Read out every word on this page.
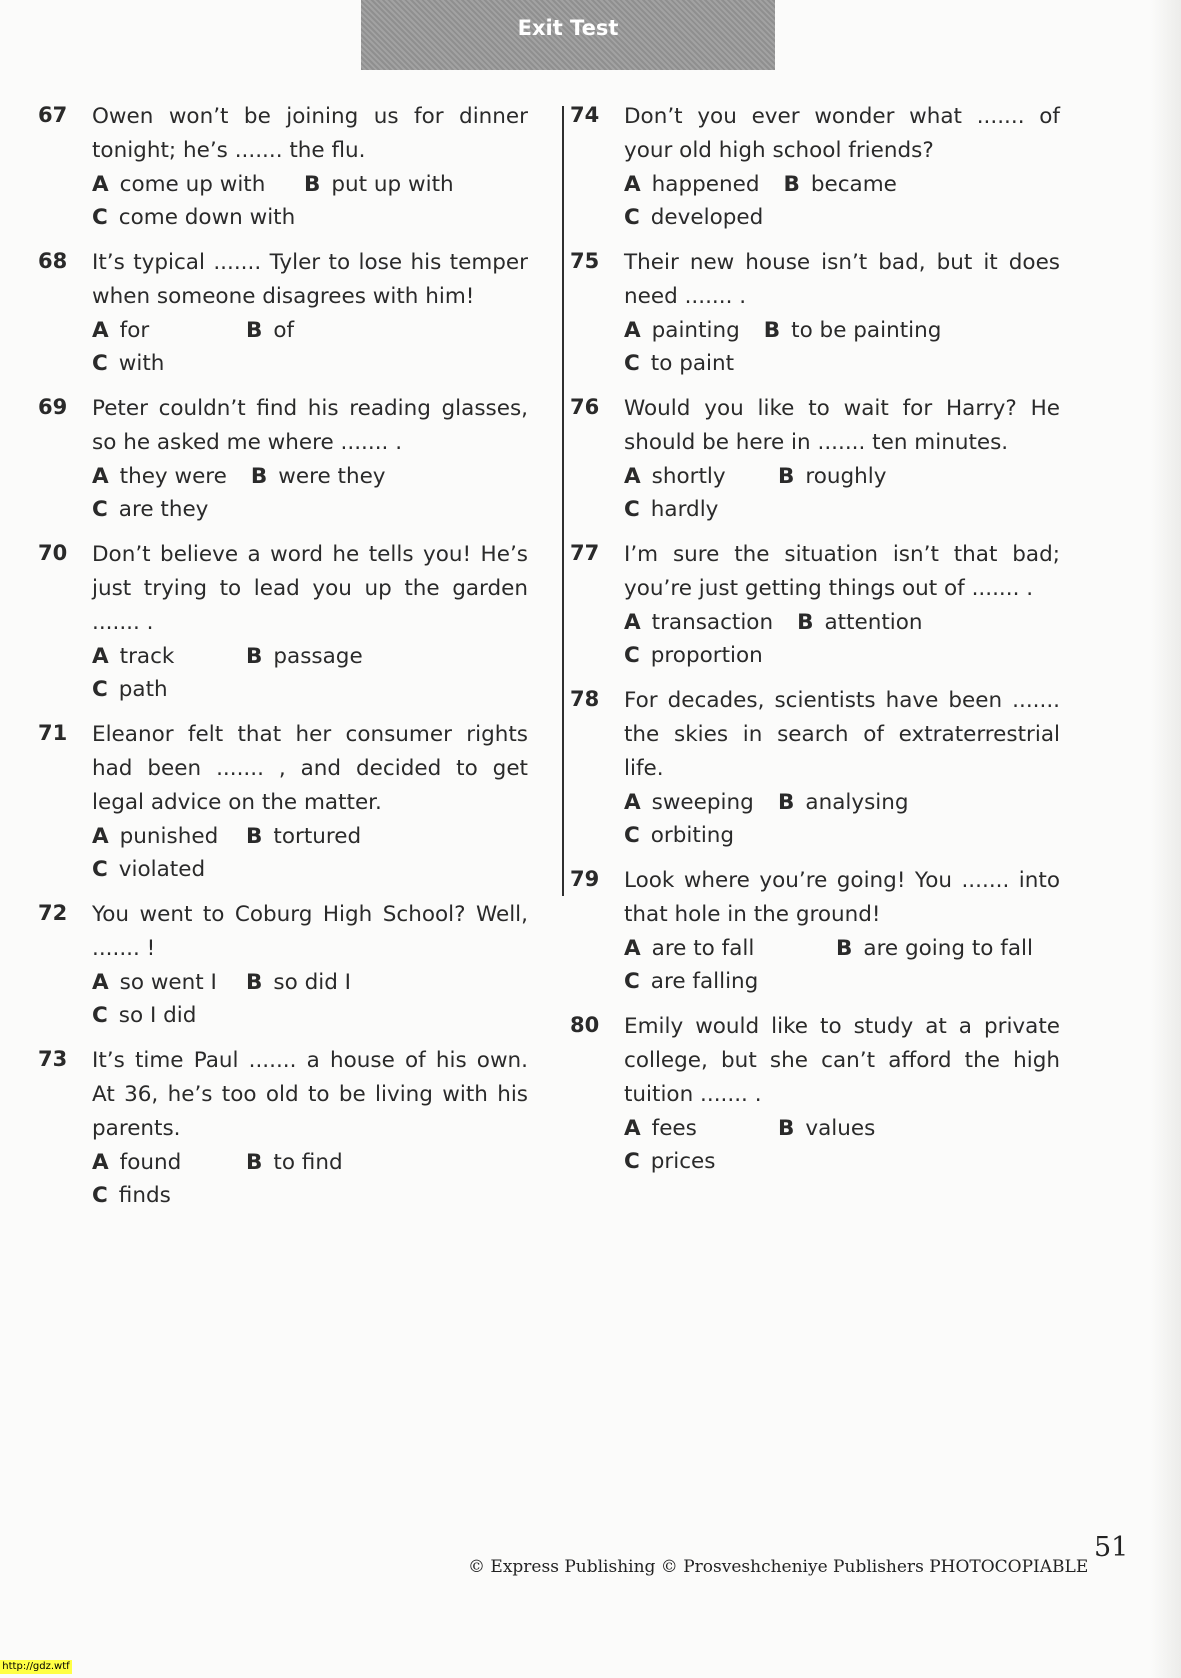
Exit Test
67	Owen won’t be joining us for dinner tonight; he’s ....... the flu.
A come up with	B put up with
C come down with
68	It’s typical ....... Tyler to lose his temper when someone disagrees with him!
A for	B of
C with
69	Peter couldn’t find his reading glasses, so he asked me where ....... .
A they were B were they
C are they
70	Don’t believe a word he tells you! He’s just trying to lead you up the garden ....... .
A track	B passage
C path
71	Eleanor felt that her consumer rights had been ....... , and decided to get legal advice on the matter.
A punished	B tortured
C violated
72	You went to Coburg High School? Well, ....... !
A so went I	B so did I
C so I did
73	It’s time Paul ....... a house of his own. At 36, he’s too old to be living with his parents.
A found	B to find
C finds
74	Don’t you ever wonder what ....... of your old high school friends?
A happened B became
C developed
75	Their new house isn’t bad, but it does need ....... .
A painting B to be painting
C to paint
76	Would you like to wait for Harry? He should be here in ....... ten minutes.
A shortly	B roughly
C hardly
77	I’m sure the situation isn’t that bad; you’re just getting things out of ....... .
A transaction B attention
C proportion
78	For decades, scientists have been ....... the skies in search of extraterrestrial life.
A sweeping	B analysing
C orbiting
79	Look where you’re going! You ....... into that hole in the ground!
A are to fall	B are going to fall
C are falling
80	Emily would like to study at a private college, but she can’t afford the high tuition ....... .
A fees	B values
C prices
© Express Publishing © Prosveshcheniye Publishers PHOTOCOPIABLE
51
http://gdz.wtf
